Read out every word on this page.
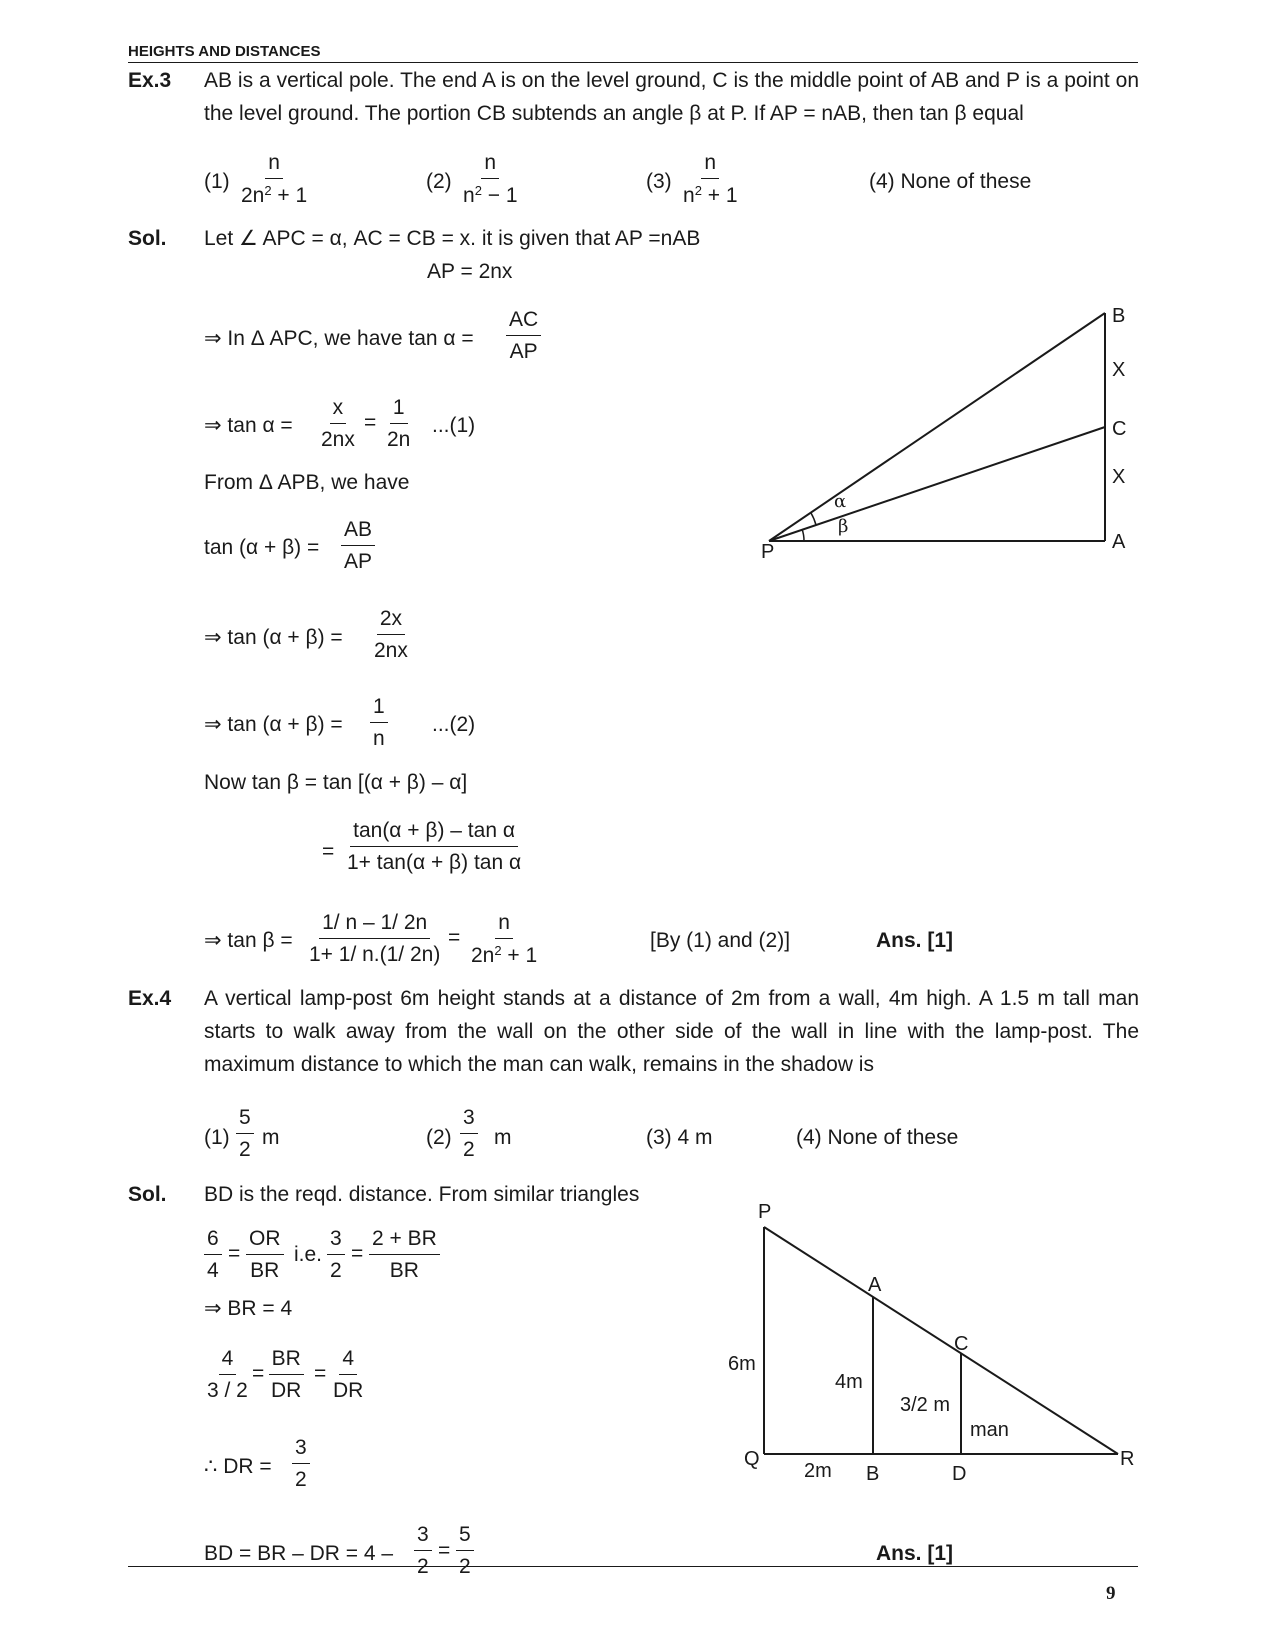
HEIGHTS AND DISTANCES
Ex.3 AB is a vertical pole. The end A is on the level ground, C is the middle point of AB and P is a point on the level ground. The portion CB subtends an angle β at P. If AP = nAB, then tan β equal
$(1) \frac{n}{2n^2 + 1}$	$(2) \frac{n}{n^2 - 1}$	$(3) \frac{n}{n^2 + 1}$	(4) None of these
Sol. Let ∠ APC = α, AC = CB = x. it is given that AP =nAB
AP = 2nx
⇒ In Δ APC, we have $\tan \alpha = \frac{AC}{AP}$
⇒ $\tan \alpha = \frac{x}{2nx} = \frac{1}{2n} ...(1)$
From Δ APB, we have
$\tan (\alpha + \beta) = \frac{AB}{AP}$
⇒ $\tan (\alpha + \beta) = \frac{2x}{2nx}$
⇒ $\tan (\alpha + \beta) = \frac{1}{n} ...(2)$
Now tan β = tan [(α + β) – α]
= $\frac{\text{tan(α + β) – tan α}}{\text{1+ tan(α + β) tan α}}$
⇒ $\tan \beta = \frac{1/ n - 1/ 2n}{1+ 1/ n.(1/ 2n)} = \frac{n}{2n^2 + 1}$	[By (1) and (2)]	Ans. [1]
B
X
C
X
A
P
α
β
Ex.4 A vertical lamp-post 6m height stands at a distance of 2m from a wall, 4m high. A 1.5 m tall man starts to walk away from the wall on the other side of the wall in line with the lamp-post. The maximum distance to which the man can walk, remains in the shadow is
$(1) \frac{5}{2}$ m	$(2) \frac{3}{2}$ m	(3) 4 m	(4) None of these
Sol. BD is the reqd. distance. From similar triangles
$\frac{6}{4} = \frac{OR}{BR} i.e$. $\frac{3}{2} = \frac{2 + BR}{BR}$
⇒ BR = 4
$\frac{4}{3 / 2} = \frac{BR}{DR} = \frac{4}{DR}$
∴ DR = $\frac{3}{2}$
BD = BR – DR = $4 - \frac{3}{2} = \frac{5}{2}$	Ans. [1]
P
Q	R
A
B
C
D
6m
4m
3/2 m
man
2m
9
